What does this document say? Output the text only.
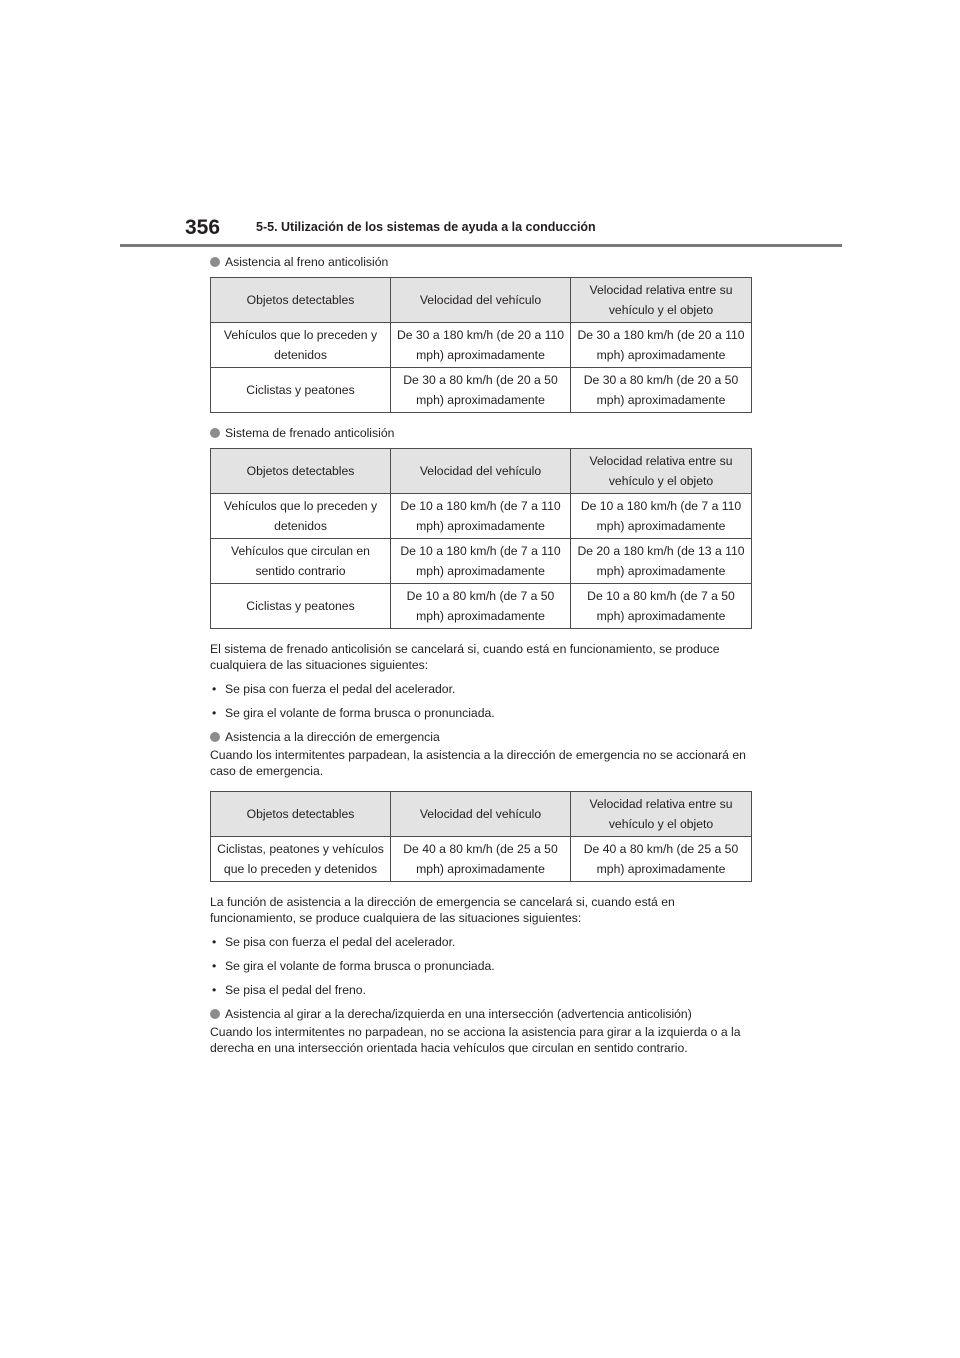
356	5-5. Utilización de los sistemas de ayuda a la conducción
Asistencia al freno anticolisión
Objetos detectables	Velocidad del vehículo	Velocidad relativa entre su vehículo y el objeto
Vehículos que lo preceden y detenidos	De 30 a 180 km/h (de 20 a 110 mph) aproximadamente	De 30 a 180 km/h (de 20 a 110 mph) aproximadamente
Ciclistas y peatones	De 30 a 80 km/h (de 20 a 50 mph) aproximadamente	De 30 a 80 km/h (de 20 a 50 mph) aproximadamente
Sistema de frenado anticolisión
Objetos detectables	Velocidad del vehículo	Velocidad relativa entre su vehículo y el objeto
Vehículos que lo preceden y detenidos	De 10 a 180 km/h (de 7 a 110 mph) aproximadamente	De 10 a 180 km/h (de 7 a 110 mph) aproximadamente
Vehículos que circulan en sentido contrario	De 10 a 180 km/h (de 7 a 110 mph) aproximadamente	De 20 a 180 km/h (de 13 a 110 mph) aproximadamente
Ciclistas y peatones	De 10 a 80 km/h (de 7 a 50 mph) aproximadamente	De 10 a 80 km/h (de 7 a 50 mph) aproximadamente

El sistema de frenado anticolisión se cancelará si, cuando está en funcionamiento, se produce cualquiera de las situaciones siguientes:

• Se pisa con fuerza el pedal del acelerador.
• Se gira el volante de forma brusca o pronunciada.
Asistencia a la dirección de emergencia

Cuando los intermitentes parpadean, la asistencia a la dirección de emergencia no se accionará en caso de emergencia.

Objetos detectables	Velocidad del vehículo	Velocidad relativa entre su vehículo y el objeto
Ciclistas, peatones y vehículos que lo preceden y detenidos	De 40 a 80 km/h (de 25 a 50 mph) aproximadamente	De 40 a 80 km/h (de 25 a 50 mph) aproximadamente

La función de asistencia a la dirección de emergencia se cancelará si, cuando está en funcionamiento, se produce cualquiera de las situaciones siguientes:

• Se pisa con fuerza el pedal del acelerador.
• Se gira el volante de forma brusca o pronunciada.
• Se pisa el pedal del freno.
Asistencia al girar a la derecha/izquierda en una intersección (advertencia anticolisión)

Cuando los intermitentes no parpadean, no se acciona la asistencia para girar a la izquierda o a la derecha en una intersección orientada hacia vehículos que circulan en sentido contrario.
